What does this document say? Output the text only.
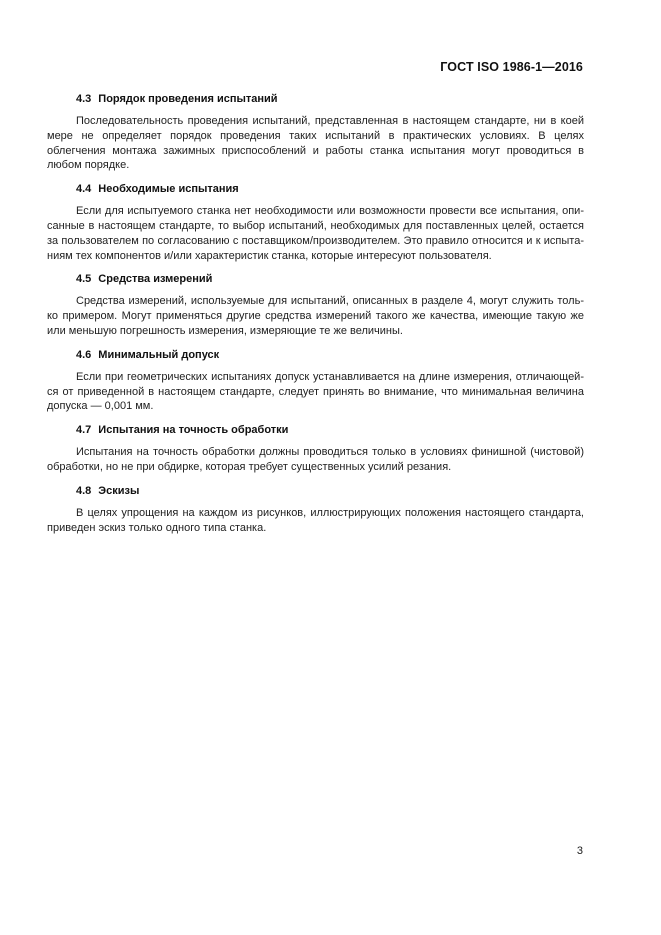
ГОСТ ISO 1986-1—2016

4.3 Порядок проведения испытаний

Последовательность проведения испытаний, представленная в настоящем стандарте, ни в коей мере не определяет порядок проведения таких испытаний в практических условиях. В целях облегчения монтажа зажимных приспособлений и работы станка испытания могут проводиться в любом порядке.

4.4 Необходимые испытания

Если для испытуемого станка нет необходимости или возможности провести все испытания, опи-санные в настоящем стандарте, то выбор испытаний, необходимых для поставленных целей, остается за пользователем по согласованию с поставщиком/производителем. Это правило относится и к испыта-ниям тех компонентов и/или характеристик станка, которые интересуют пользователя.

4.5 Средства измерений

Средства измерений, используемые для испытаний, описанных в разделе 4, могут служить толь-ко примером. Могут применяться другие средства измерений такого же качества, имеющие такую же или меньшую погрешность измерения, измеряющие те же величины.

4.6 Минимальный допуск

Если при геометрических испытаниях допуск устанавливается на длине измерения, отличающей-ся от приведенной в настоящем стандарте, следует принять во внимание, что минимальная величина допуска — 0,001 мм.

4.7 Испытания на точность обработки

Испытания на точность обработки должны проводиться только в условиях финишной (чистовой) обработки, но не при обдирке, которая требует существенных усилий резания.

4.8 Эскизы

В целях упрощения на каждом из рисунков, иллюстрирующих положения настоящего стандарта, приведен эскиз только одного типа станка.

3
